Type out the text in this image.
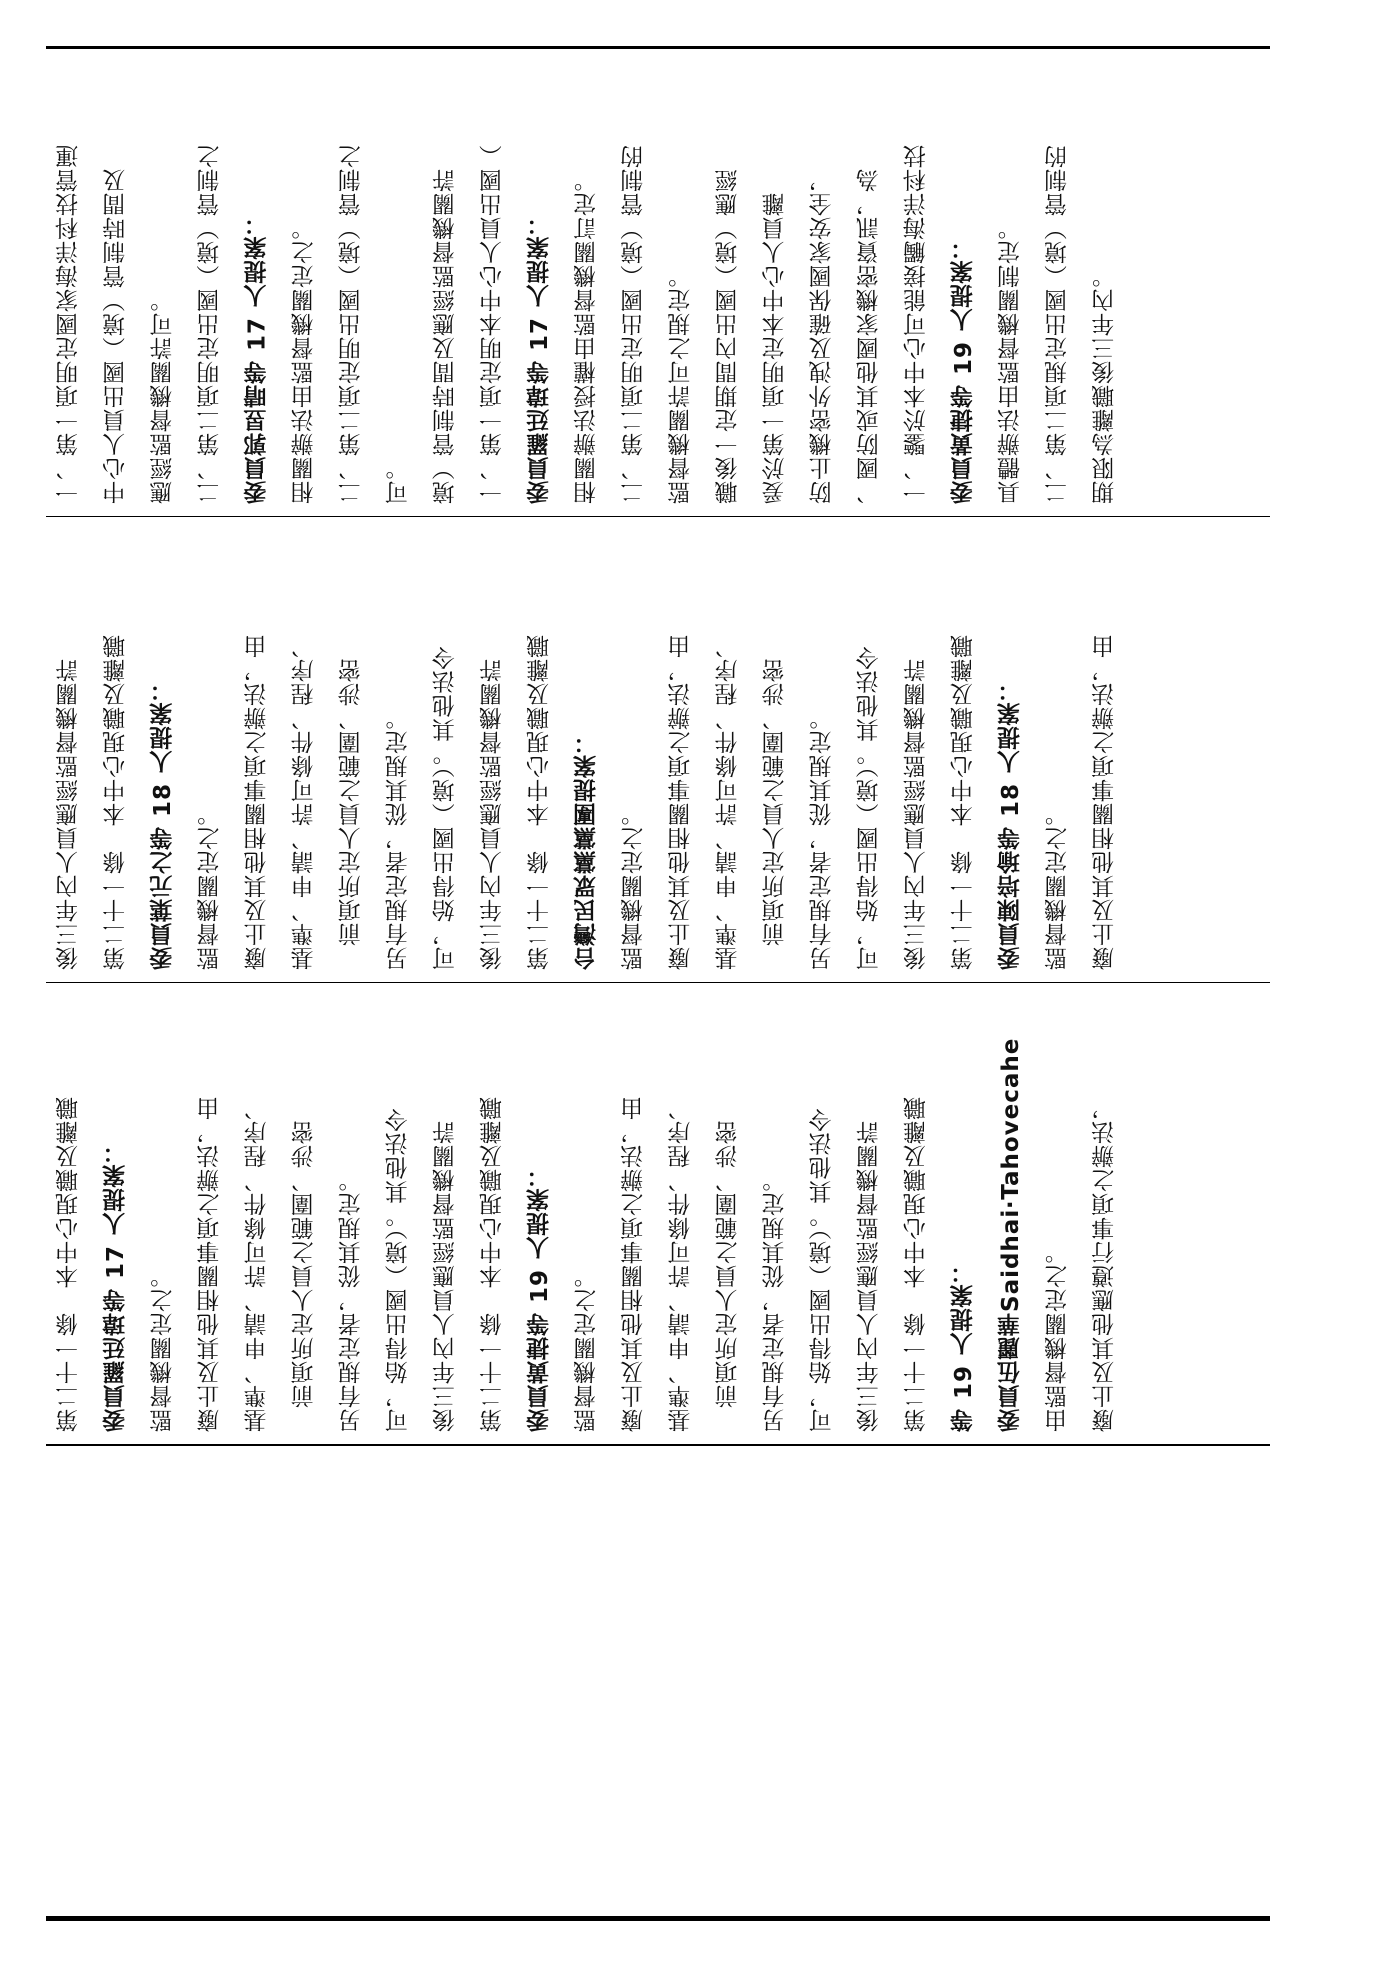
一、第一項明定國家海洋科技管運 中心人員出國（境）管制時間及 應經監督機關許可。 二、第二項明定出國（境）管制之 委員郭昱晴等 17 人提案： 相關辦法由監督機關定之。 二、第二項定明出國（境）管制之 可。 境）管制時間及應經監督機關許 一、第一項定明本中心人員出國（ 委員羅廷瑋等 17 人提案： 相關辦法授權由監督機關訂定。 二、第二項明定出國（境）管制的 監督機關許可之規定。 職後一定期間內出國（境）應經 爰於第一項明定本中心人員離 防止機密外洩及確保國家安全， 、國防或其他國家機密資訊，為 一、鑒於本中心可能接觸海洋科技 委員黃捷等 19 人提案： 具體辦法由監督機關制定。 二、第二項規定出國（境）管制的 期限為離職後三年內。

後三年內人員應經監督機關許 第二十一條　本中心現職及離職 委員葉元之等 18 人提案： 監督機關定之。 廢止及其他相關事項之辦法，由 基準、申請、許可條件、程序、 　前項所定人員之範圍、涉密 另有規定者，從其規定。 可，始得出國（境）。其他法令 後三年內人員應經監督機關許 第二十一條　本中心現職及離職 台灣民眾黨黨團提案： 監督機關定之。 廢止及其他相關事項之辦法，由 基準、申請、許可條件、程序、 　前項所定人員之範圍、涉密 另有規定者，從其規定。 可，始得出國（境）。其他法令 後三年內人員應經監督機關許 第二十一條　本中心現職及離職 委員陳培瑜等 18 人提案： 監督機關定之。 廢止及其他相關事項之辦法，由

第二十一條　本中心現職及離職 委員羅廷瑋等 17 人提案： 監督機關定之。 廢止及其他相關事項之辦法，由 基準、申請、許可條件、程序、 　前項所定人員之範圍、涉密 另有規定者，從其規定。 可，始得出國（境）。其他法令 後三年內人員應經監督機關許 第二十一條　本中心現職及離職 委員黃捷等 19 人提案： 監督機關定之。 廢止及其他相關事項之辦法，由 基準、申請、許可條件、程序、 　前項所定人員之範圍、涉密 另有規定者，從其規定。 可，始得出國（境）。其他法令 後三年內人員應經監督機關許 第二十一條　本中心現職及離職 等 19 人提案： 委員伍麗華Saidhai‧Tahovecahe 由監督機關定之。 廢止及其他應遵行事項之辦法，
